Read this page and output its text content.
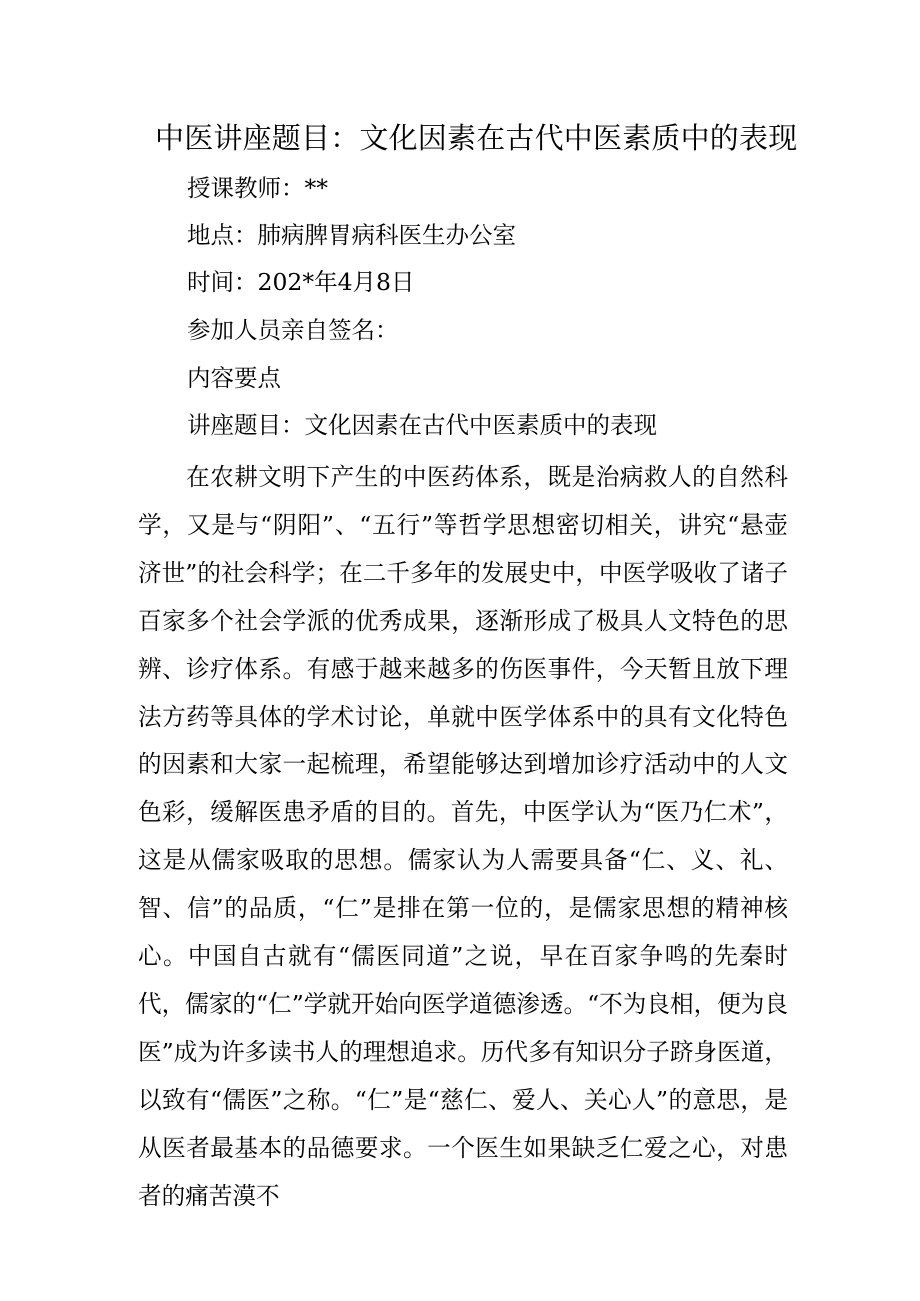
中医讲座题目：文化因素在古代中医素质中的表现
授课教师：**
地点：肺病脾胃病科医生办公室
时间：202*年4月8日
参加人员亲自签名：
内容要点
讲座题目：文化因素在古代中医素质中的表现

在农耕文明下产生的中医药体系，既是治病救人的自然科学，又是与“阴阳”、“五行”等哲学思想密切相关，讲究“悬壶济世”的社会科学；在二千多年的发展史中，中医学吸收了诸子百家多个社会学派的优秀成果，逐渐形成了极具人文特色的思辨、诊疗体系。有感于越来越多的伤医事件，今天暂且放下理法方药等具体的学术讨论，单就中医学体系中的具有文化特色的因素和大家一起梳理，希望能够达到增加诊疗活动中的人文色彩，缓解医患矛盾的目的。首先，中医学认为“医乃仁术”，这是从儒家吸取的思想。儒家认为人需要具备“仁、义、礼、智、信”的品质，“仁”是排在第一位的，是儒家思想的精神核心。中国自古就有“儒医同道”之说，早在百家争鸣的先秦时代，儒家的“仁”学就开始向医学道德渗透。“不为良相，便为良医”成为许多读书人的理想追求。历代多有知识分子跻身医道，以致有“儒医”之称。“仁”是“慈仁、爱人、关心人”的意思，是从医者最基本的品德要求。一个医生如果缺乏仁爱之心，对患者的痛苦漠不
